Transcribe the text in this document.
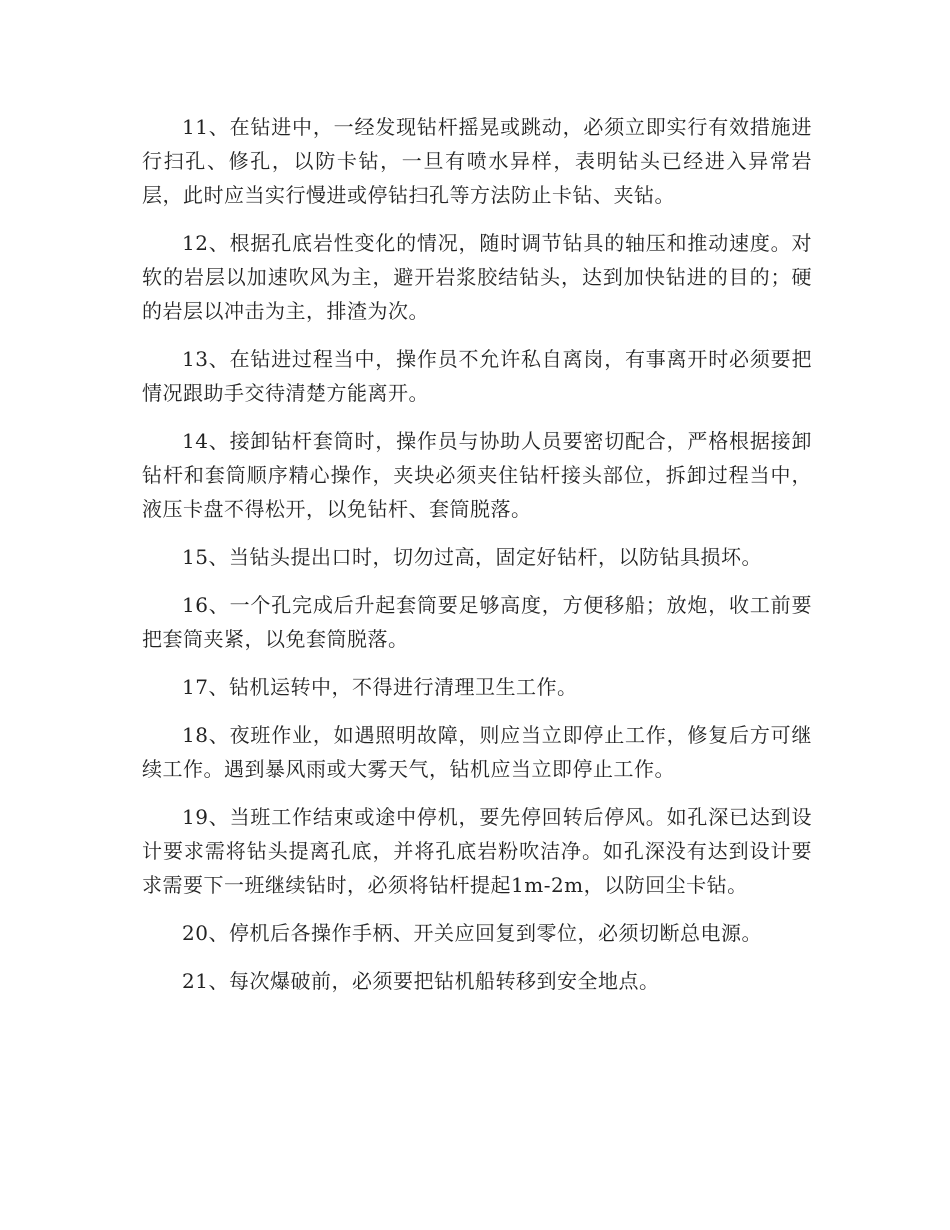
11、在钻进中，一经发现钻杆摇晃或跳动，必须立即实行有效措施进行扫孔、修孔，以防卡钻，一旦有喷水异样，表明钻头已经进入异常岩层，此时应当实行慢进或停钻扫孔等方法防止卡钻、夹钻。

12、根据孔底岩性变化的情况，随时调节钻具的轴压和推动速度。对软的岩层以加速吹风为主，避开岩浆胶结钻头，达到加快钻进的目的；硬的岩层以冲击为主，排渣为次。

13、在钻进过程当中，操作员不允许私自离岗，有事离开时必须要把情况跟助手交待清楚方能离开。

14、接卸钻杆套筒时，操作员与协助人员要密切配合，严格根据接卸钻杆和套筒顺序精心操作，夹块必须夹住钻杆接头部位，拆卸过程当中，液压卡盘不得松开，以免钻杆、套筒脱落。

15、当钻头提出口时，切勿过高，固定好钻杆，以防钻具损坏。

16、一个孔完成后升起套筒要足够高度，方便移船；放炮，收工前要把套筒夹紧，以免套筒脱落。

17、钻机运转中，不得进行清理卫生工作。

18、夜班作业，如遇照明故障，则应当立即停止工作，修复后方可继续工作。遇到暴风雨或大雾天气，钻机应当立即停止工作。

19、当班工作结束或途中停机，要先停回转后停风。如孔深已达到设计要求需将钻头提离孔底，并将孔底岩粉吹洁净。如孔深没有达到设计要求需要下一班继续钻时，必须将钻杆提起1m-2m，以防回尘卡钻。

20、停机后各操作手柄、开关应回复到零位，必须切断总电源。

21、每次爆破前，必须要把钻机船转移到安全地点。
